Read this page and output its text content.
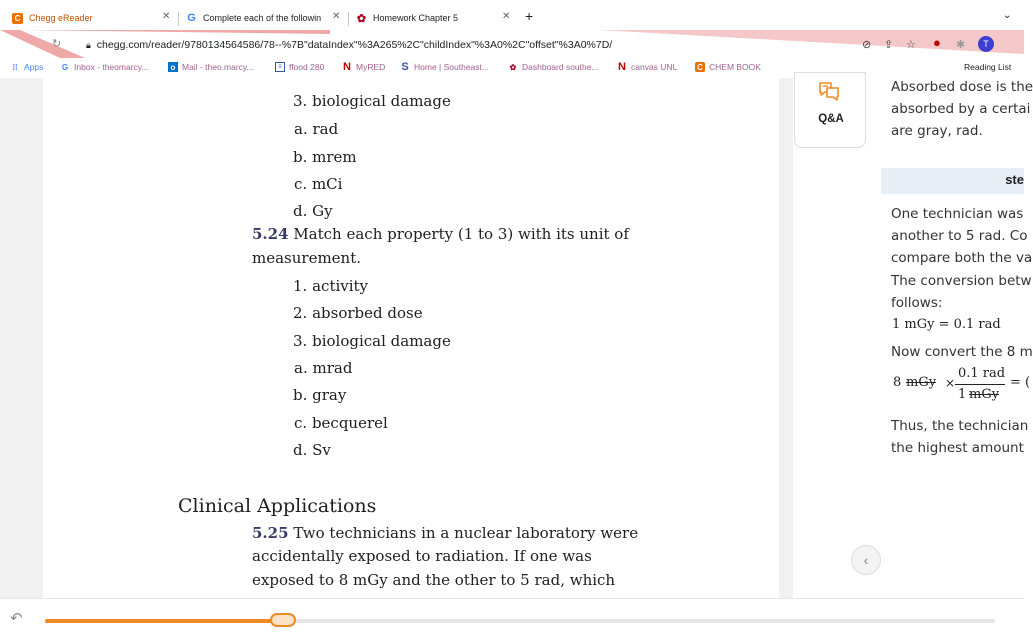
C Chegg eReader	✕ G Complete each of the followin	✕ ✿ Homework Chapter 5	✕ +	⌄
↻	🔒︎ chegg.com/reader/9780134564586/78--%7B"dataIndex"%3A265%2C"childIndex"%3A0%2C"offset"%3A0%7D/	⊘ ⇪ ☆ ● ✱	T
⁞⁞ Apps G Inbox - theomarcy...	o Mail - theo.marcy...	≡ ffood 280 N MyRED S Home | Southeast...	✿ Dashboard southe... N canvas UNL C CHEM BOOK	Reading List
3. biological damage
a. rad
b. mrem
c. mCi
d. Gy
5.24 Match each property (1 to 3) with its unit of
measurement.
1. activity
2. absorbed dose
3. biological damage
a. mrad
b. gray
c. becquerel
d. Sv
Clinical Applications
5.25 Two technicians in a nuclear laboratory were
accidentally exposed to radiation. If one was
exposed to 8 mGy and the other to 5 rad, which
Q&A
Absorbed dose is the
absorbed by a certai
are gray, rad.
ste
One technician was
another to 5 rad. Co
compare both the va
The conversion betw
follows:
1 mGy = 0.1 rad
Now convert the 8 m
8 mGy ×
0.1 rad
1 mGy
= (
Thus, the technician
the highest amount
‹
↶
